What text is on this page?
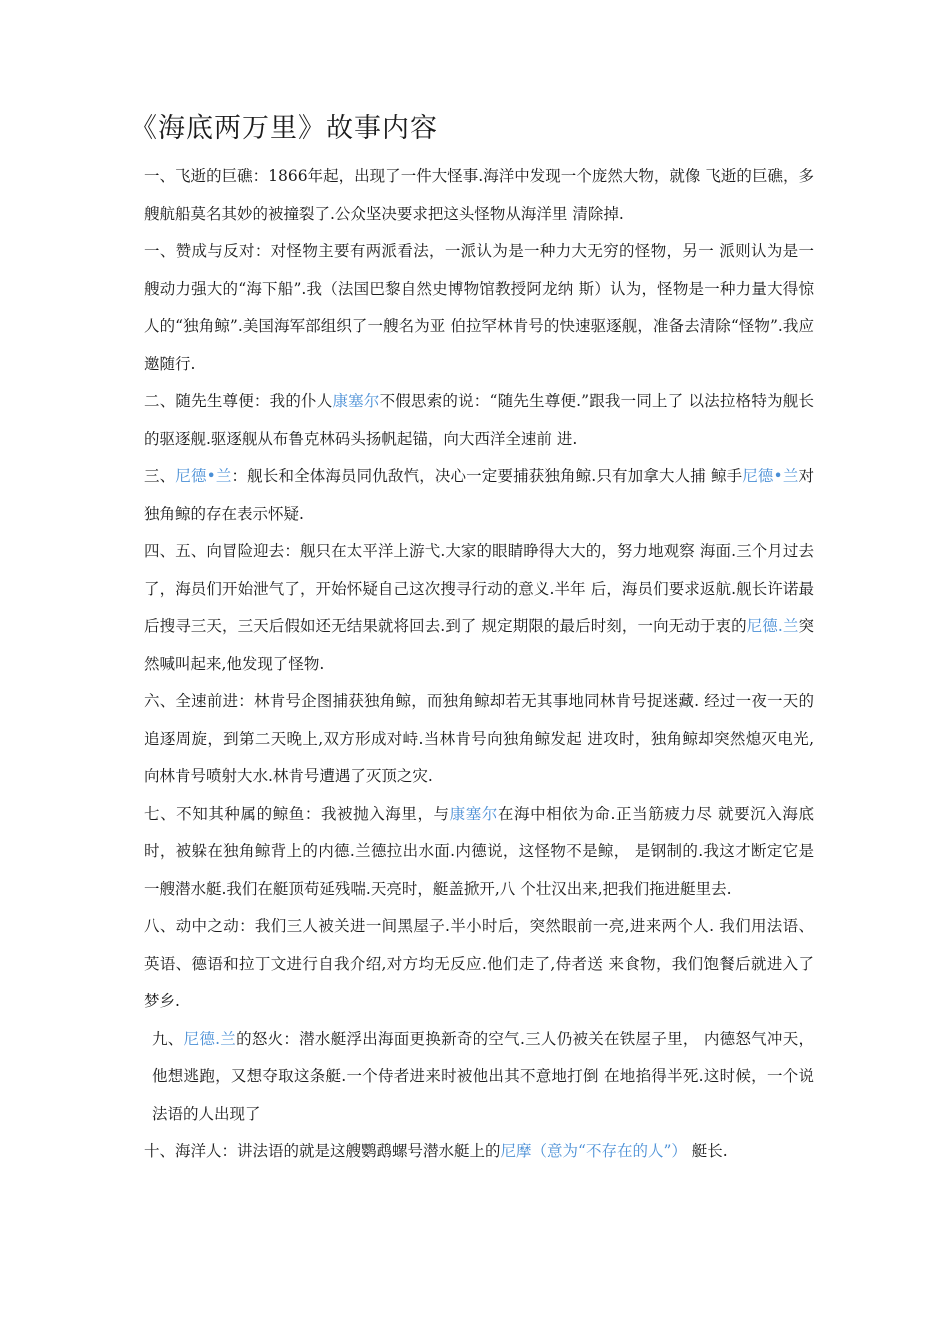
《海底两万里》故事内容

一、飞逝的巨礁：1866年起，出现了一件大怪事.海洋中发现一个庞然大物，就像 飞逝的巨礁，多艘航船莫名其妙的被撞裂了.公众坚决要求把这头怪物从海洋里 清除掉.

一、赞成与反对：对怪物主要有两派看法，一派认为是一种力大无穷的怪物，另一 派则认为是一艘动力强大的“海下船”.我（法国巴黎自然史博物馆教授阿龙纳 斯）认为，怪物是一种力量大得惊人的“独角鲸”.美国海军部组织了一艘名为亚 伯拉罕林肯号的快速驱逐舰，准备去清除“怪物”.我应邀随行.

二、随先生尊便：我的仆人康塞尔不假思索的说：“随先生尊便.”跟我一同上了 以法拉格特为舰长的驱逐舰.驱逐舰从布鲁克林码头扬帆起锚，向大西洋全速前 进.

三、尼德•兰：舰长和全体海员同仇敌忾，决心一定要捕获独角鲸.只有加拿大人捕 鲸手尼德•兰对独角鲸的存在表示怀疑.

四、五、向冒险迎去：舰只在太平洋上游弋.大家的眼睛睁得大大的，努力地观察 海面.三个月过去了，海员们开始泄气了，开始怀疑自己这次搜寻行动的意义.半年 后，海员们要求返航.舰长许诺最后搜寻三天，三天后假如还无结果就将回去.到了 规定期限的最后时刻，一向无动于衷的尼德.兰突然喊叫起来,他发现了怪物.

六、全速前进：林肯号企图捕获独角鲸，而独角鲸却若无其事地同林肯号捉迷藏. 经过一夜一天的追逐周旋，到第二天晚上,双方形成对峙.当林肯号向独角鲸发起 进攻时，独角鲸却突然熄灭电光,向林肯号喷射大水.林肯号遭遇了灭顶之灾.

七、不知其种属的鲸鱼：我被抛入海里，与康塞尔在海中相依为命.正当筋疲力尽 就要沉入海底时，被躲在独角鲸背上的内德.兰德拉出水面.内德说，这怪物不是鲸， 是钢制的.我这才断定它是一艘潜水艇.我们在艇顶苟延残喘.天亮时，艇盖掀开,八 个壮汉出来,把我们拖进艇里去.

八、动中之动：我们三人被关进一间黑屋子.半小时后，突然眼前一亮,进来两个人. 我们用法语、英语、德语和拉丁文进行自我介绍,对方均无反应.他们走了,侍者送 来食物，我们饱餐后就进入了梦乡.

九、尼德.兰的怒火：潜水艇浮出海面更换新奇的空气.三人仍被关在铁屋子里， 内德怒气冲天，他想逃跑，又想夺取这条艇.一个侍者进来时被他出其不意地打倒 在地掐得半死.这时候，一个说法语的人出现了

十、海洋人：讲法语的就是这艘鹦鹉螺号潜水艇上的尼摩（意为“不存在的人”） 艇长.
